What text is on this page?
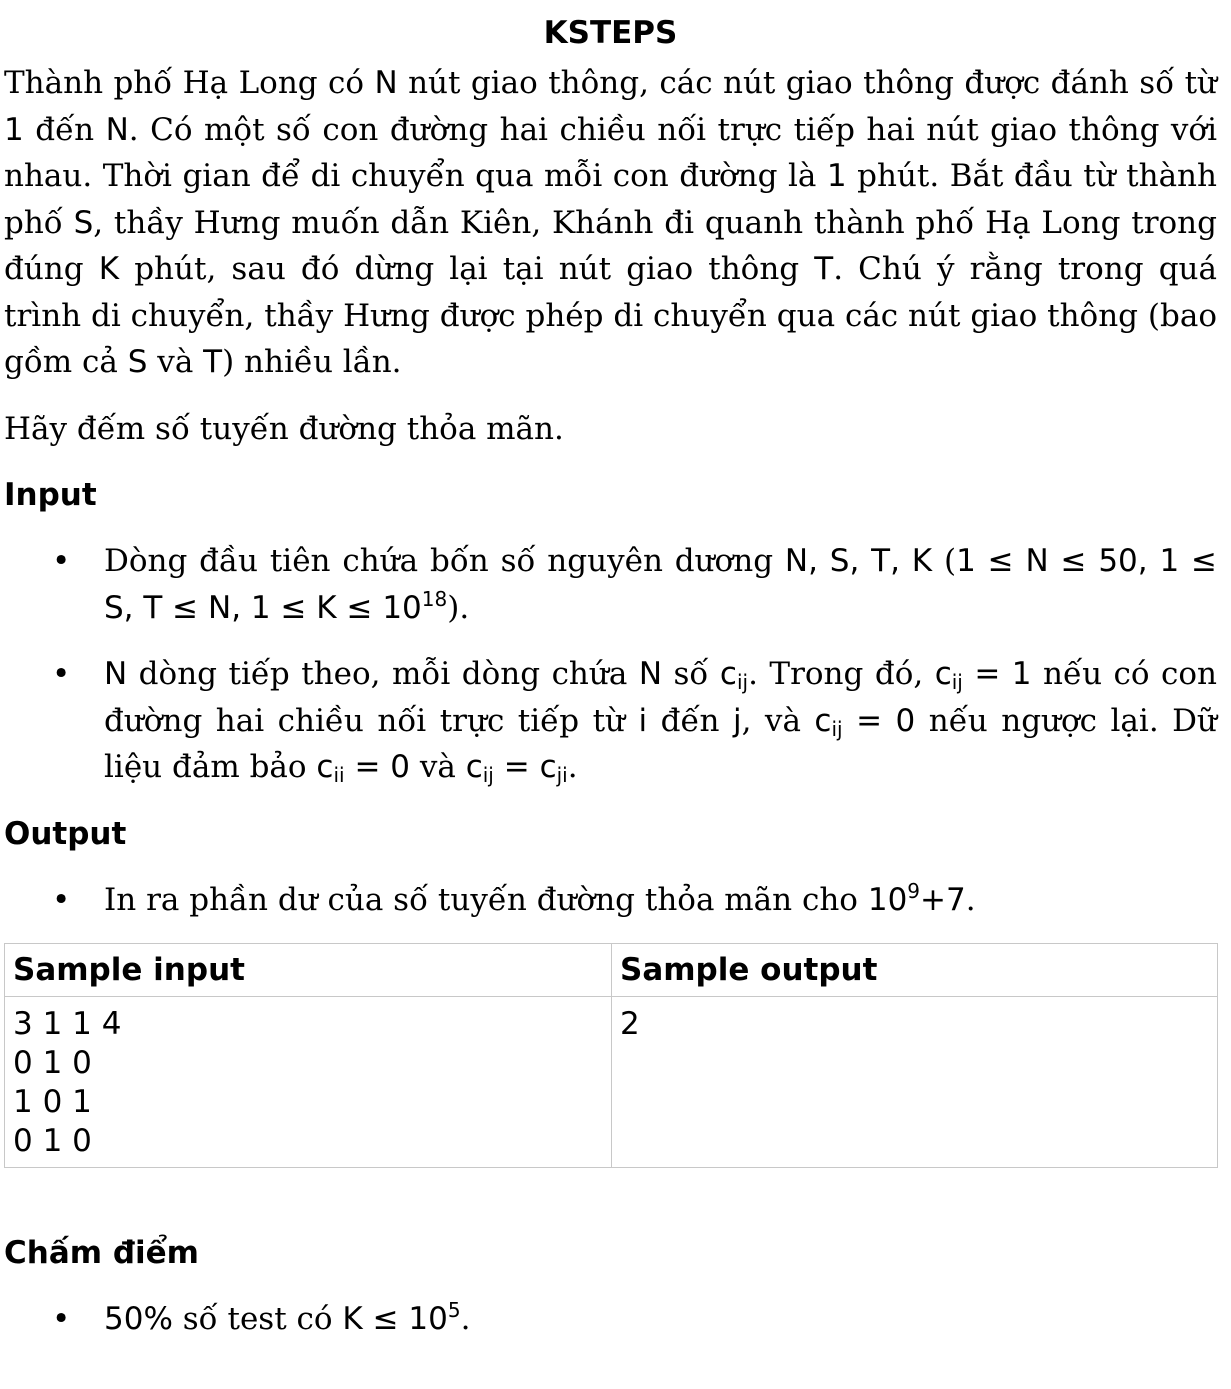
KSTEPS

Thành phố Hạ Long có N nút giao thông, các nút giao thông được đánh số từ 1 đến N. Có một số con đường hai chiều nối trực tiếp hai nút giao thông với nhau. Thời gian để di chuyển qua mỗi con đường là 1 phút. Bắt đầu từ thành phố S, thầy Hưng muốn dẫn Kiên, Khánh đi quanh thành phố Hạ Long trong đúng K phút, sau đó dừng lại tại nút giao thông T. Chú ý rằng trong quá trình di chuyển, thầy Hưng được phép di chuyển qua các nút giao thông (bao gồm cả S và T) nhiều lần.

Hãy đếm số tuyến đường thỏa mãn.

Input
• Dòng đầu tiên chứa bốn số nguyên dương N, S, T, K (1 ≤ N ≤ 50, 1 ≤ S, T ≤ N, $1 \le K \le 10^{18}$).
• N dòng tiếp theo, mỗi dòng chứa N số $c_{ij}$. Trong đó, $c_{ij} = 1$ nếu có con đường hai chiều nối trực tiếp từ i đến j, và $c_{ij} = 0$ nếu ngược lại. Dữ liệu đảm bảo $c_{ii} = 0$ và $c_{ij} = c_{ji}$.
Output
• In ra phần dư của số tuyến đường thỏa mãn cho $10^9+7$.
Sample input	Sample output
3 1 1 4
0 1 0
1 0 1
0 1 0	2
Chấm điểm
• 50% số test có $K \le 10^5$.
